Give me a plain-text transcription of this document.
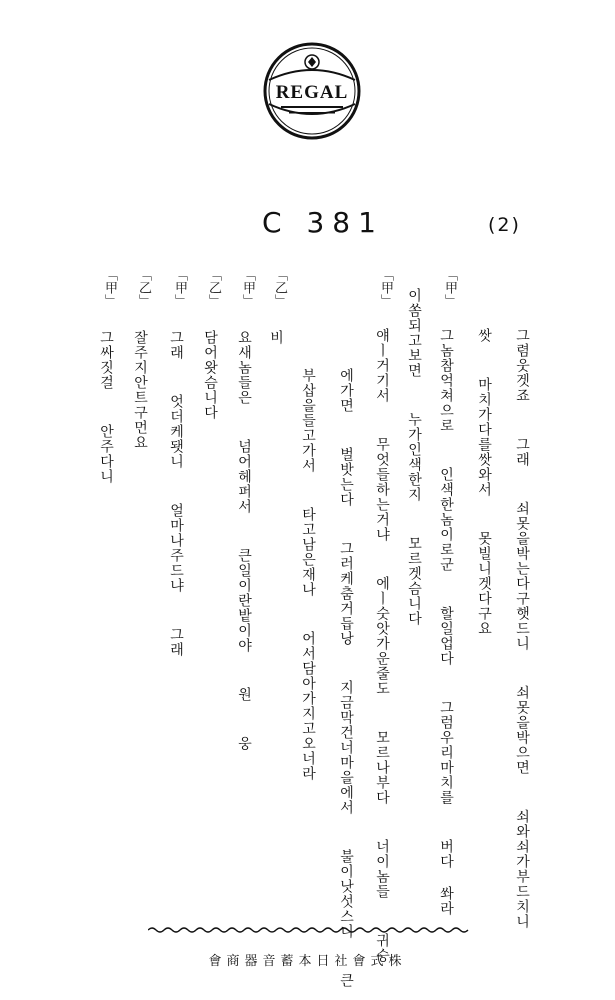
REGAL
C 381	(2)
그렴웃겟죠  그래  쇠못을박는다구햇드니  쇠못을박으면  쇠와쇠가부드치니
쌋  마치가다를쌋와서  못빌니겟다구요
그놈참억쳐으로  인색한놈이로군  할일업다  그럼우리마치를  버다 쏴라
이쏨되고보면  누가인색한지  모르겟슴니다
얘ㅣ거기서  무엇들하는거냐  에ㅣ숫앗가운줄도  모르나부다  너이놈들  귀승
에가면  벌밧는다  그러케춤거듭낭  지금막건너마을에서  불이낫섯스니  큰
부삽을들고가서  타고남은재나  어서담아가지고오너라
비
요새놈들은  넘어헤퍼서  큰일이란밭이야  원  웅
담어왓슴니다
그래  엇더케됏니  얼마나주드냐  그래
잘주지안트구먼요
그싸짓걸  안주다니
「甲」
「甲」
「乙」
「甲」
「乙」
「甲」
「乙」
「甲」
會商器音蓄本日社會式株
